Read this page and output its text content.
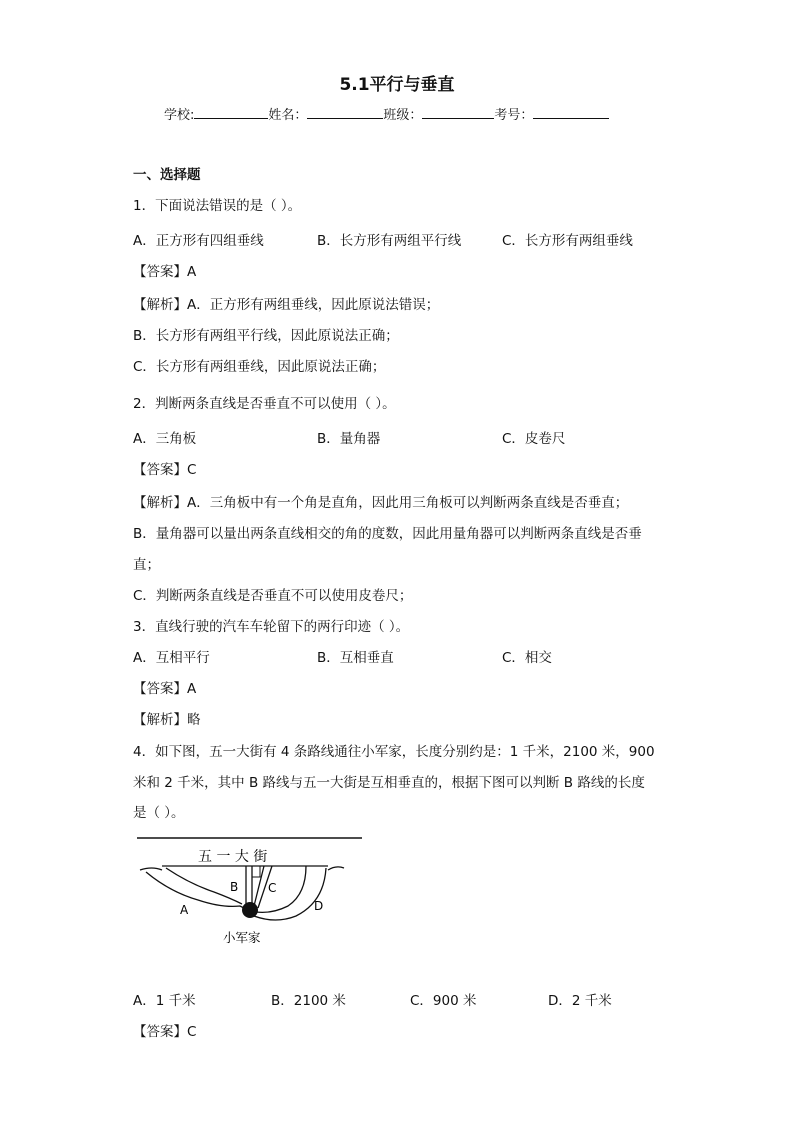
5.1平行与垂直
学校:	姓名：	班级：	考号：
一、选择题
1．下面说法错误的是（ ）。
A．正方形有四组垂线	B．长方形有两组平行线	C．长方形有两组垂线
【答案】A
【解析】A．正方形有两组垂线，因此原说法错误；
B．长方形有两组平行线，因此原说法正确；
C．长方形有两组垂线，因此原说法正确；
2．判断两条直线是否垂直不可以使用（ ）。
A．三角板	B．量角器	C．皮卷尺
【答案】C
【解析】A．三角板中有一个角是直角，因此用三角板可以判断两条直线是否垂直；
B．量角器可以量出两条直线相交的角的度数，因此用量角器可以判断两条直线是否垂
直；
C．判断两条直线是否垂直不可以使用皮卷尺；
3．直线行驶的汽车车轮留下的两行印迹（ ）。
A．互相平行	B．互相垂直	C．相交
【答案】A
【解析】略
4．如下图，五一大街有 4 条路线通往小军家，长度分别约是：1 千米，2100 米，900
米和 2 千米，其中 B 路线与五一大街是互相垂直的，根据下图可以判断 B 路线的长度
是（ ）。
五 一 大 街
A
B C
D
小军家
A．1 千米	B．2100 米	C．900 米	D．2 千米
【答案】C
